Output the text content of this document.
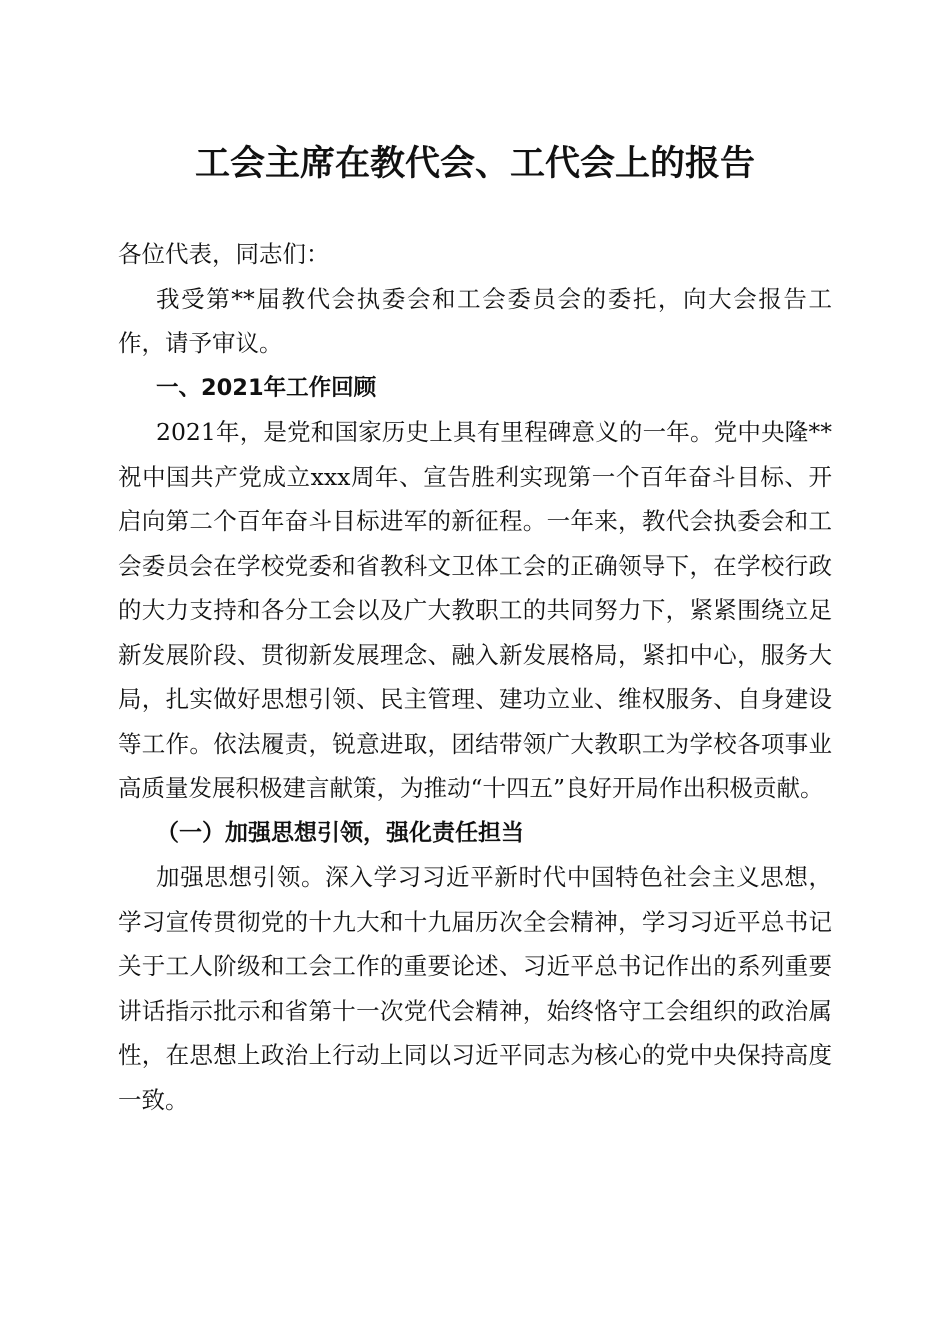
工会主席在教代会、工代会上的报告

各位代表，同志们：

我受第**届教代会执委会和工会委员会的委托，向大会报告工作，请予审议。

一、2021年工作回顾

2021年，是党和国家历史上具有里程碑意义的一年。党中央隆**祝中国共产党成立xxx周年、宣告胜利实现第一个百年奋斗目标、开启向第二个百年奋斗目标进军的新征程。一年来，教代会执委会和工会委员会在学校党委和省教科文卫体工会的正确领导下，在学校行政的大力支持和各分工会以及广大教职工的共同努力下，紧紧围绕立足新发展阶段、贯彻新发展理念、融入新发展格局，紧扣中心，服务大局，扎实做好思想引领、民主管理、建功立业、维权服务、自身建设等工作。依法履责，锐意进取，团结带领广大教职工为学校各项事业高质量发展积极建言献策，为推动“十四五”良好开局作出积极贡献。

（一）加强思想引领，强化责任担当

加强思想引领。深入学习习近平新时代中国特色社会主义思想，学习宣传贯彻党的十九大和十九届历次全会精神，学习习近平总书记关于工人阶级和工会工作的重要论述、习近平总书记作出的系列重要讲话指示批示和省第十一次党代会精神，始终恪守工会组织的政治属性，在思想上政治上行动上同以习近平同志为核心的党中央保持高度一致。
